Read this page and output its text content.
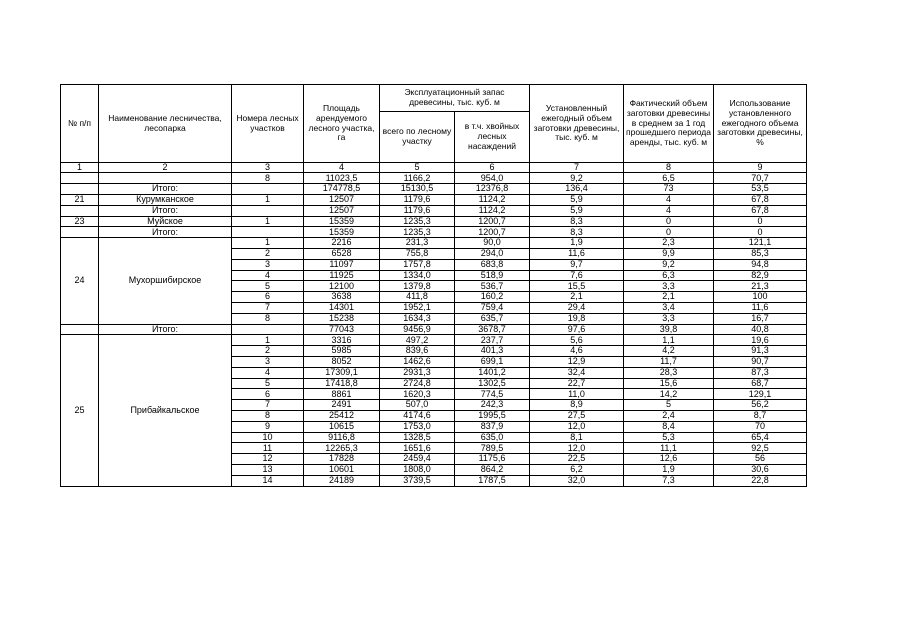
№ п/п	Наименование лесничества, лесопарка	Номера лесных участков	Площадь арендуемого лесного участка, га	Эксплуатационный запас древесины, тыс. куб. м		Установленный ежегодный объем заготовки древесины, тыс. куб. м	Фактический объем заготовки древесины в среднем за 1 год прошедшего периода аренды, тыс. куб. м	Использование установленного ежегодного объема заготовки древесины, %
				всего по лесному участку	в т.ч. хвойных лесных насаждений			
1	2	3	4	5	6	7	8	9
		8	11023,5	1166,2	954,0	9,2	6,5	70,7
	Итого:		174778,5	15130,5	12376,8	136,4	73	53,5
21	Курумканское	1	12507	1179,6	1124,2	5,9	4	67,8
	Итого:		12507	1179,6	1124,2	5,9	4	67,8
23	Муйское	1	15359	1235,3	1200,7	8,3	0	0
	Итого:		15359	1235,3	1200,7	8,3	0	0
24	Мухоршибирское	1	2216	231,3	90,0	1,9	2,3	121,1
		2	6528	755,8	294,0	11,6	9,9	85,3
		3	11097	1757,8	683,8	9,7	9,2	94,8
		4	11925	1334,0	518,9	7,6	6,3	82,9
		5	12100	1379,8	536,7	15,5	3,3	21,3
		6	3638	411,8	160,2	2,1	2,1	100
		7	14301	1952,1	759,4	29,4	3,4	11,6
		8	15238	1634,3	635,7	19,8	3,3	16,7
	Итого:		77043	9456,9	3678,7	97,6	39,8	40,8
25	Прибайкальское	1	3316	497,2	237,7	5,6	1,1	19,6
		2	5985	839,6	401,3	4,6	4,2	91,3
		3	8052	1462,6	699,1	12,9	11,7	90,7
		4	17309,1	2931,3	1401,2	32,4	28,3	87,3
		5	17418,8	2724,8	1302,5	22,7	15,6	68,7
		6	8861	1620,3	774,5	11,0	14,2	129,1
		7	2491	507,0	242,3	8,9	5	56,2
		8	25412	4174,6	1995,5	27,5	2,4	8,7
		9	10615	1753,0	837,9	12,0	8,4	70
		10	9116,8	1328,5	635,0	8,1	5,3	65,4
		11	12265,3	1651,6	789,5	12,0	11,1	92,5
		12	17828	2459,4	1175,6	22,5	12,6	56
		13	10601	1808,0	864,2	6,2	1,9	30,6
		14	24189	3739,5	1787,5	32,0	7,3	22,8
